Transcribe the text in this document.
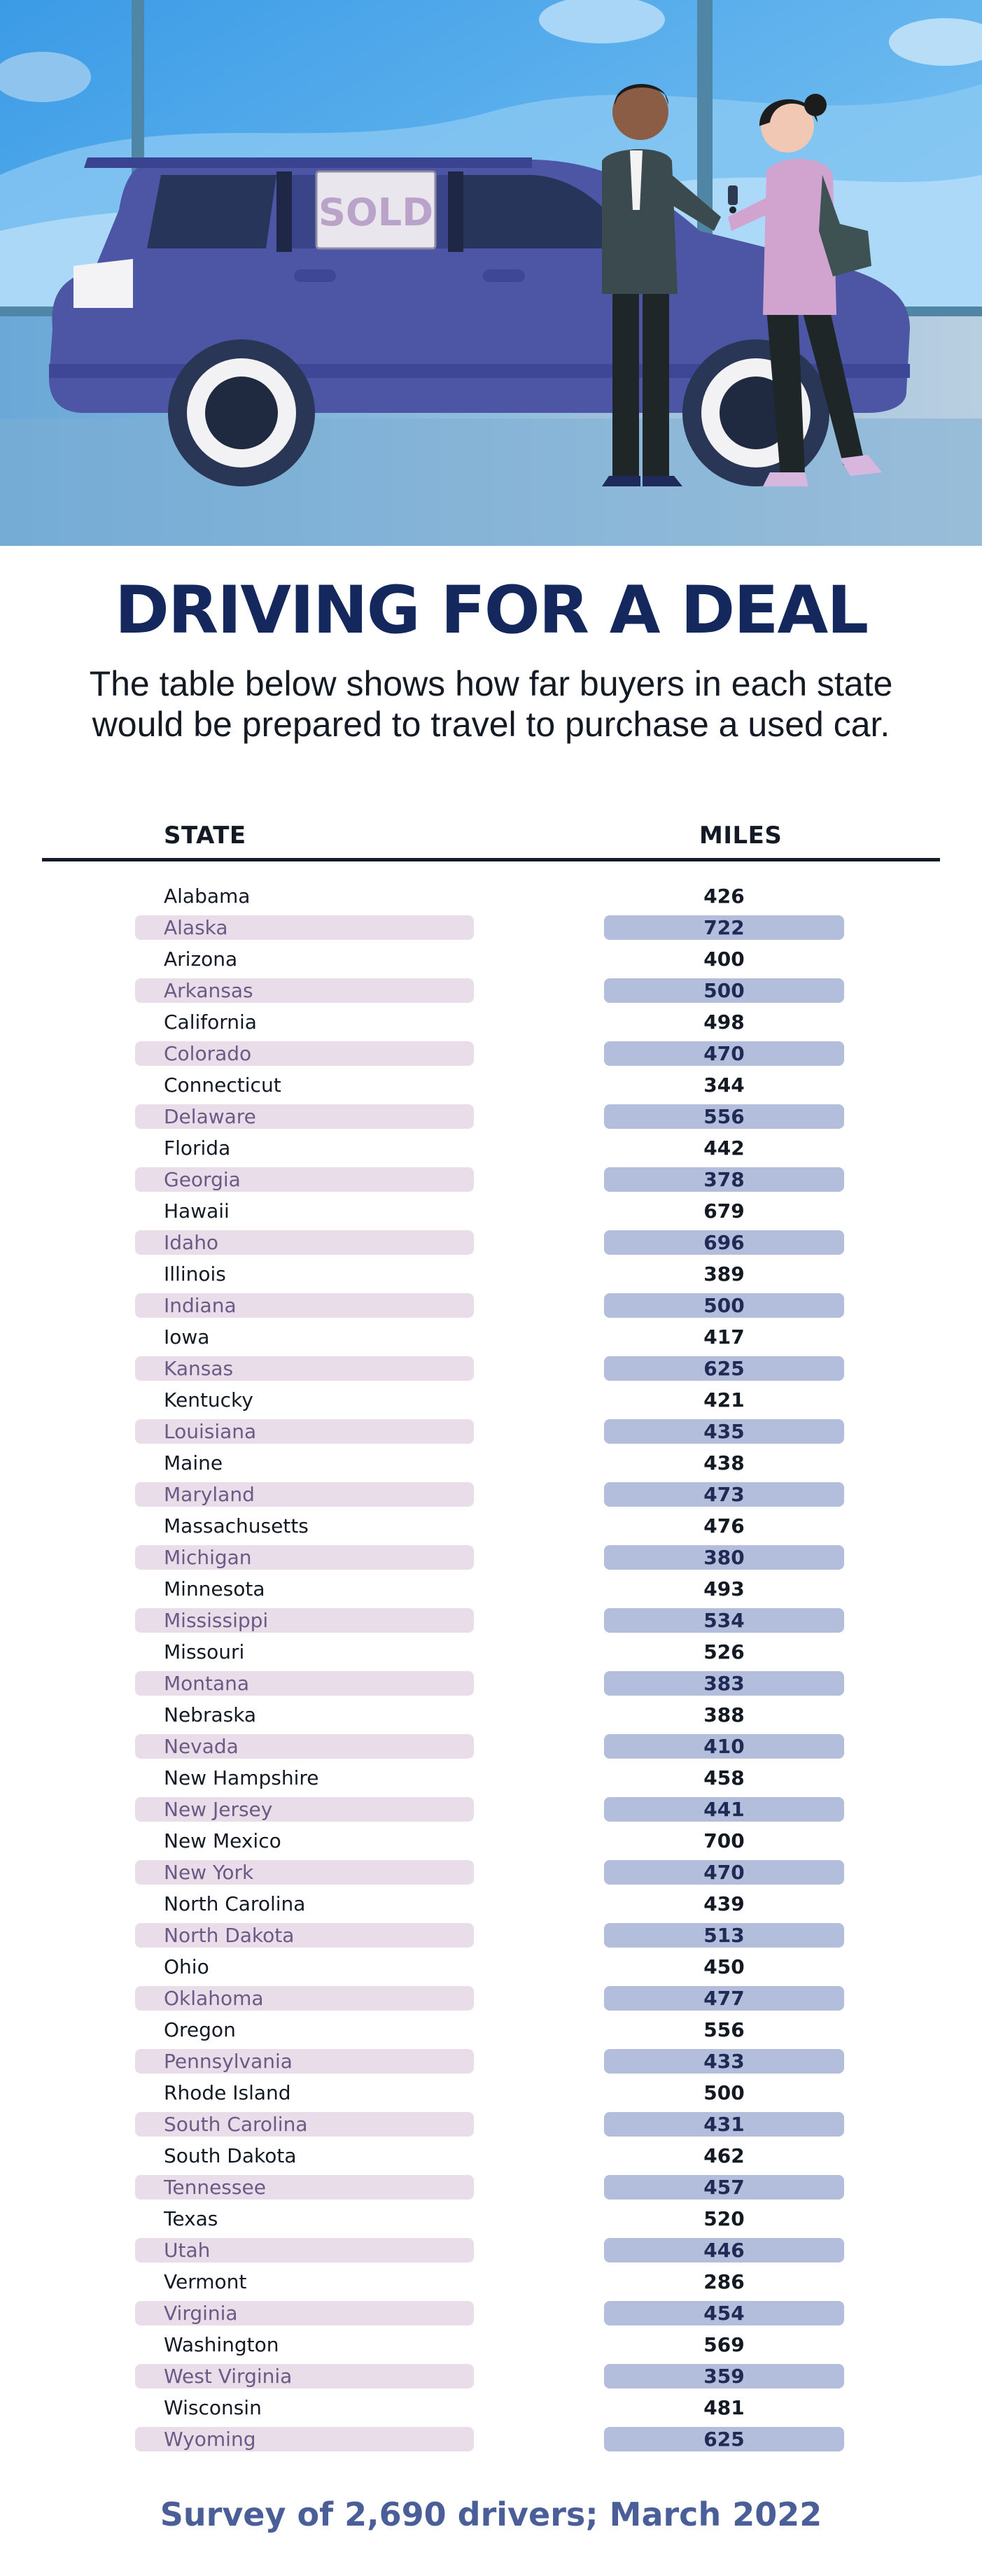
SOLD
DRIVING FOR A DEAL

The table below shows how far buyers in each state
would be prepared to travel to purchase a used car.

STATE	MILES
Alabama	426
Alaska	722
Arizona	400
Arkansas	500
California	498
Colorado	470
Connecticut	344
Delaware	556
Florida	442
Georgia	378
Hawaii	679
Idaho	696
Illinois	389
Indiana	500
Iowa	417
Kansas	625
Kentucky	421
Louisiana	435
Maine	438
Maryland	473
Massachusetts	476
Michigan	380
Minnesota	493
Mississippi	534
Missouri	526
Montana	383
Nebraska	388
Nevada	410
New Hampshire	458
New Jersey	441
New Mexico	700
New York	470
North Carolina	439
North Dakota	513
Ohio	450
Oklahoma	477
Oregon	556
Pennsylvania	433
Rhode Island	500
South Carolina	431
South Dakota	462
Tennessee	457
Texas	520
Utah	446
Vermont	286
Virginia	454
Washington	569
West Virginia	359
Wisconsin	481
Wyoming	625

Survey of 2,690 drivers; March 2022
